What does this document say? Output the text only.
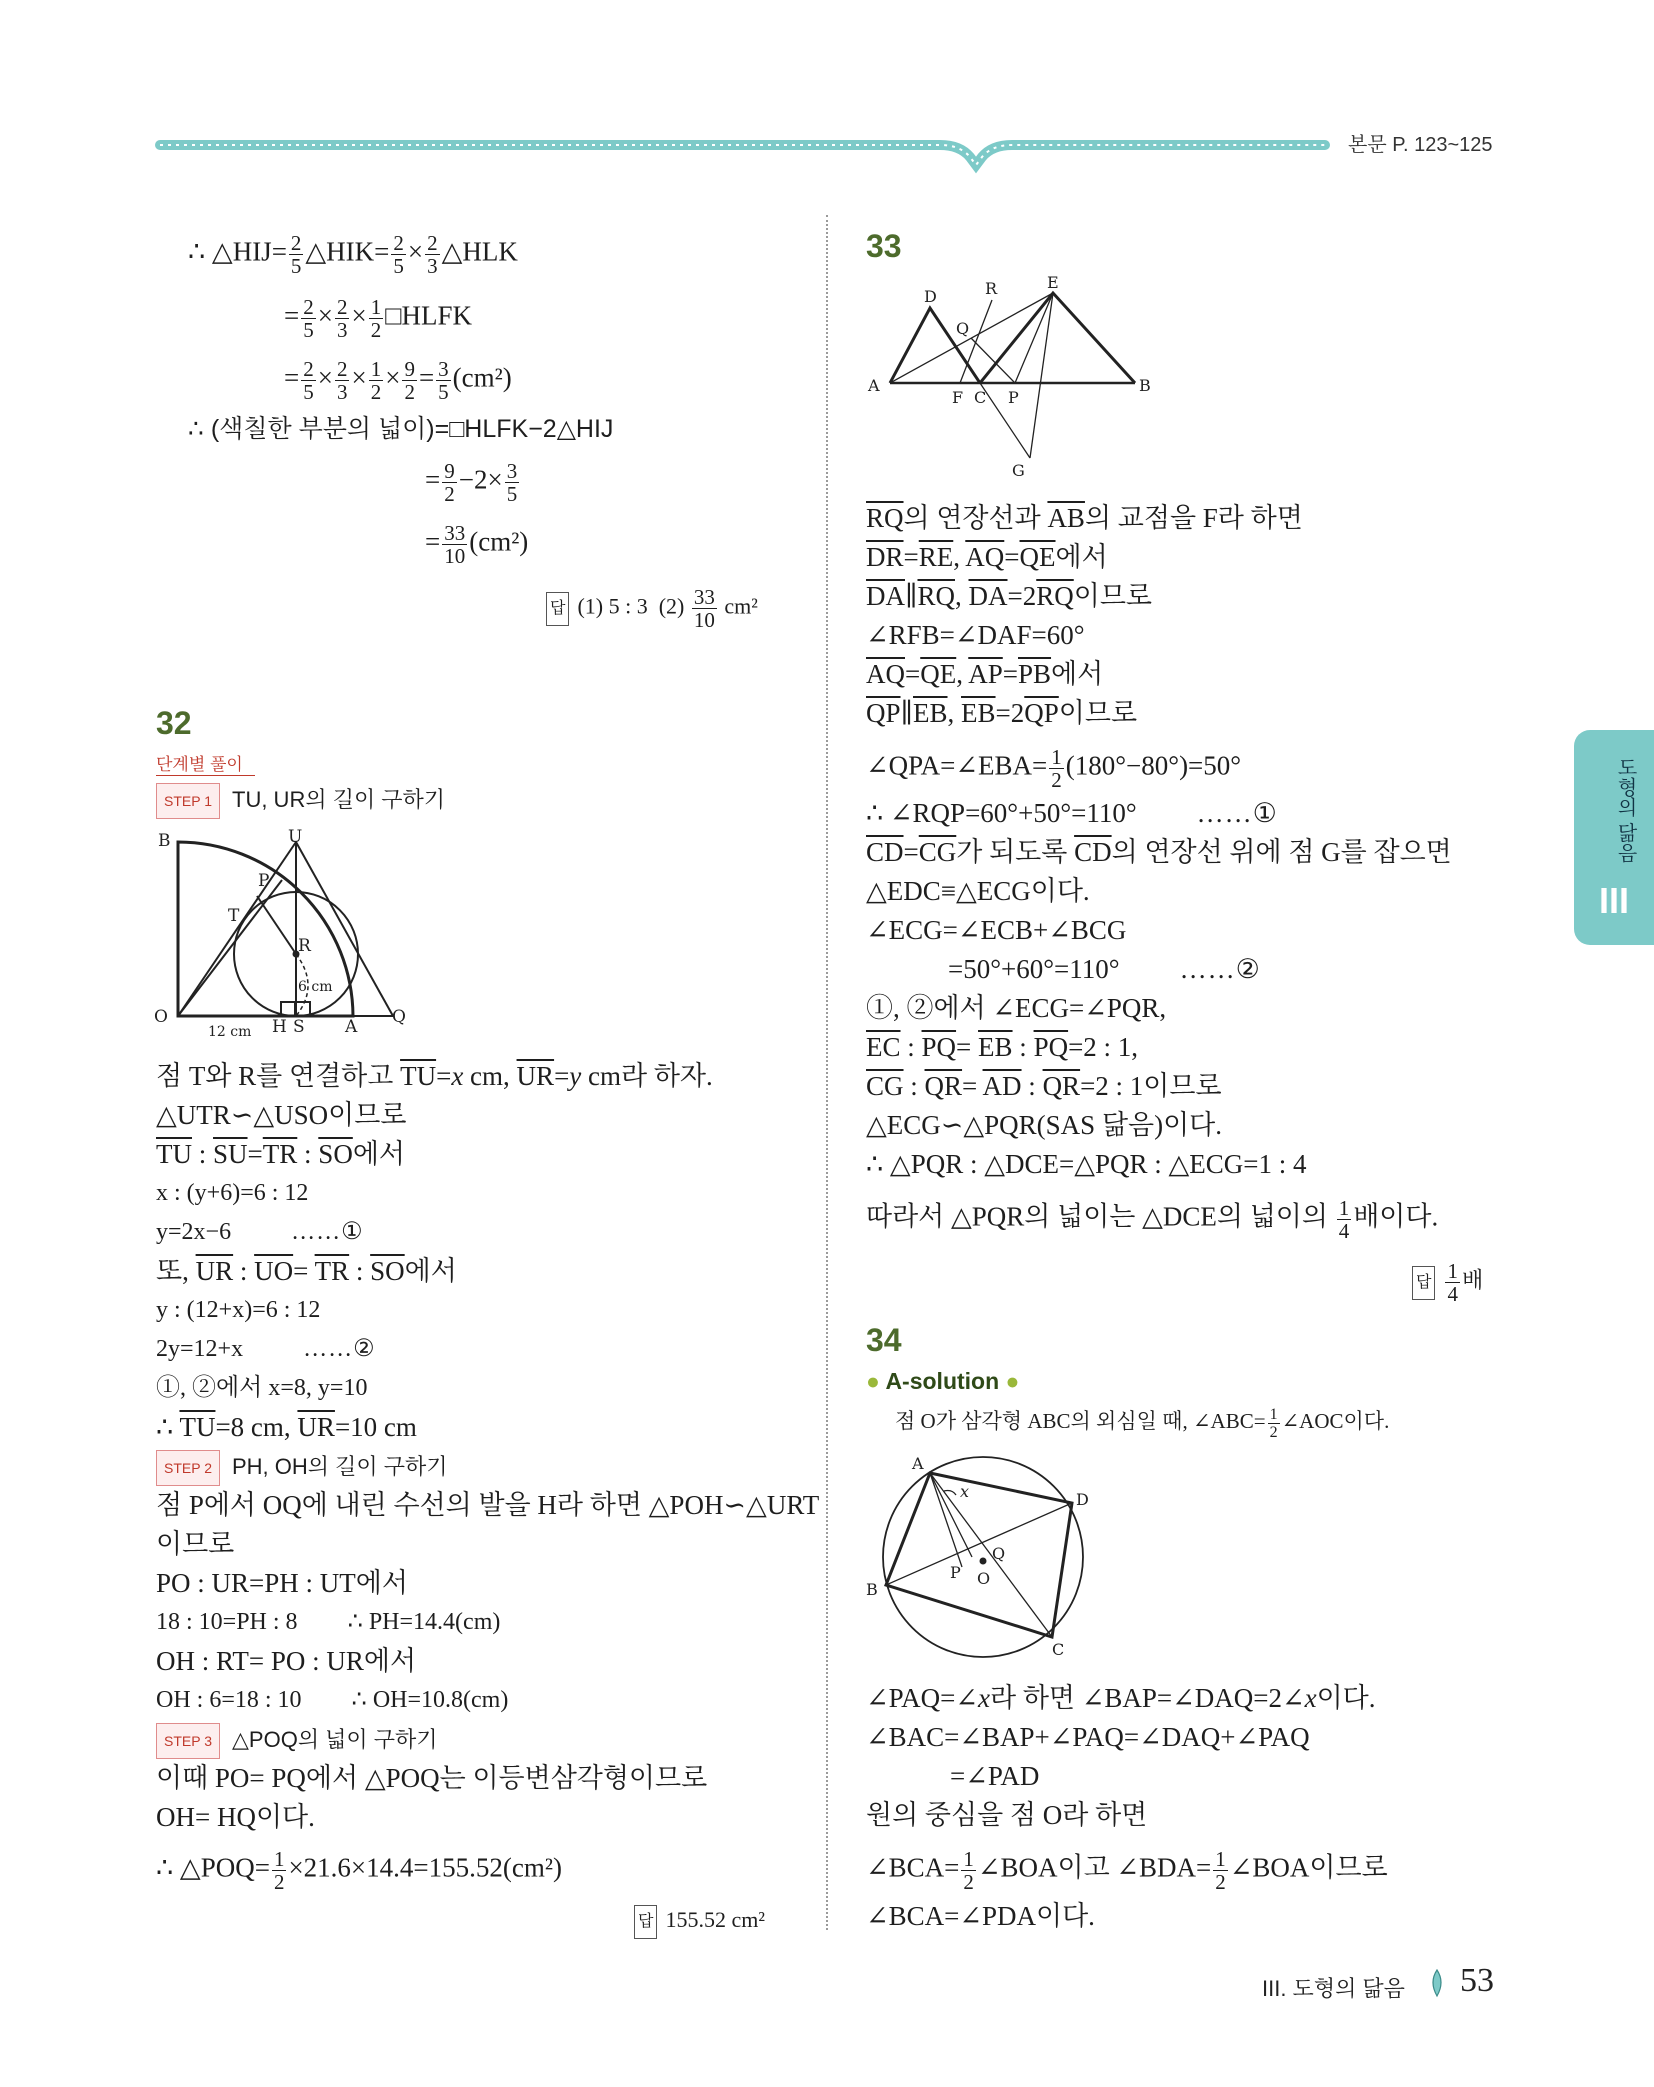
본문 P. 123~125
도형의 닮음
III
∴ △HIJ= $\frac{2}{5}$ △HIK= $\frac{2}{5} \times \frac{2}{3}$ △HLK
= $\frac{2}{5} \times \frac{2}{3} \times \frac{1}{2}$ □HLFK
= $\frac{2}{5} \times \frac{2}{3} \times \frac{1}{2} \times \frac{9}{2} = \frac{3}{5} (cm^2)$
∴ (색칠한 부분의 넓이)=□HLFK−2△HIJ
= $\frac{9}{2} -2\times \frac{3}{5}$
= $\frac{33}{10} (cm^2)$
답 (1) 5 : 3  $(2) \frac{33}{10} cm^2$
32
단계별 풀이
STEP 1 TU, UR의 길이 구하기
B	U
P
T
R
O	H S A Q
6 cm
12 cm
점 T와 R를 연결하고 $\overline{TU}=x$ cm, $\overline{UR}=y$ cm라 하자.
△UTR∽△USO이므로
$\overline{TU}$ : $\overline{SU}=\overline{TR}$ : $\overline{SO}$에서
x : (y+6)=6 : 12
y=2x−6	……①
또, $\overline{UR}$ : $\overline{UO}= \overline{TR}$ : $\overline{SO}$에서
y : (12+x)=6 : 12
2y=12+x	……②
①, ②에서 x=8, y=10
∴ $\overline{TU}=8$ cm, $\overline{UR}=10$ cm
STEP 2 PH, OH의 길이 구하기
점 P에서 OQ에 내린 수선의 발을 H라 하면 △POH∽△URT
이므로
PO : UR=PH : UT에서
18 : 10=PH : 8 ∴ PH=14.4(cm)
OH : RT= PO : UR에서
OH : 6=18 : 10 ∴ OH=10.8(cm)
STEP 3 △POQ의 넓이 구하기
이때 PO= PQ에서 △POQ는 이등변삼각형이므로
OH= HQ이다.
∴ △POQ= $\frac{1}{2} \times 21.6\times 14.4=155.52(cm^2)$
답 155.52 cm²
33
D	R	E
Q
A
F C P
B
G
$\overline{RQ}$의 연장선과 $\overline{AB}$의 교점을 F라 하면
$\overline{DR}=\overline{RE}$, $\overline{AQ}=\overline{QE}$에서
$\overline{DA}\parallel\overline{RQ}$, $\overline{DA}=2\overline{RQ}$이므로
∠RFB=∠DAF=60°
$\overline{AQ}=\overline{QE}$, $\overline{AP}=\overline{PB}$에서
$\overline{QP}\parallel\overline{EB}$, $\overline{EB}=2\overline{QP}$이므로
∠QPA=∠EBA= $\frac{1}{2} (180^\circ-80^\circ)=50^\circ$
∴ ∠RQP=60°+50°=110° ……①
$\overline{CD}=\overline{CG}$가 되도록 $\overline{CD}$의 연장선 위에 점 G를 잡으면
△EDC≡△ECG이다.
∠ECG=∠ECB+∠BCG
=50°+60°=110° ……②
①, ②에서 ∠ECG=∠PQR,
$\overline{EC}$ : $\overline{PQ}= \overline{EB}$ : $\overline{PQ}=2$ : 1,
$\overline{CG}$ : $\overline{QR}= \overline{AD}$ : $\overline{QR}=2$ : 1이므로
△ECG∽△PQR(SAS 닮음)이다.
∴ △PQR : △DCE=△PQR : △ECG=1 : 4
따라서 △PQR의 넓이는 △DCE의 넓이의 $\frac{1}{4}$ 배이다.
답 $\frac{1}{4}$ 배
34
● A-solution ●
점 O가 삼각형 ABC의 외심일 때, ∠ABC= $\frac{1}{2}$ ∠AOC이다.
A
D
x
Q
P O
B
C
∠PAQ=∠x라 하면 ∠BAP=∠DAQ=2∠x이다.
∠BAC=∠BAP+∠PAQ=∠DAQ+∠PAQ
=∠PAD
원의 중심을 점 O라 하면
∠BCA= $\frac{1}{2}$ ∠BOA이고 ∠BDA= $\frac{1}{2}$ ∠BOA이므로
∠BCA=∠PDA이다.
III. 도형의 닮음 53
